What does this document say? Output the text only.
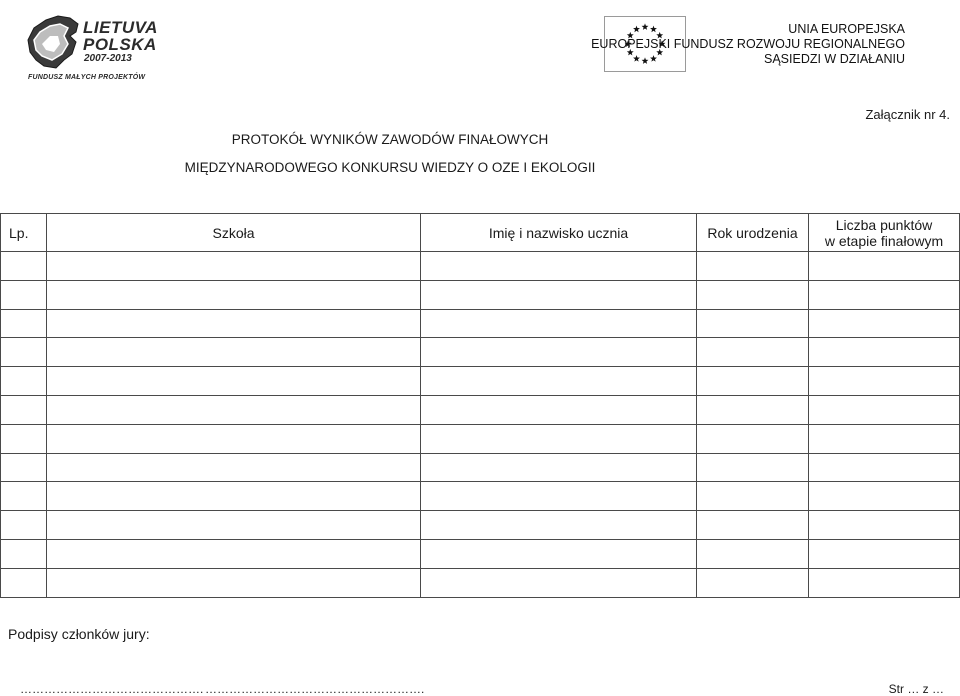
LIETUVA
POLSKA
2007-2013
FUNDUSZ MAŁYCH PROJEKTÓW
UNIA EUROPEJSKA
EUROPEJSKI FUNDUSZ ROZWOJU REGIONALNEGO
SĄSIEDZI W DZIAŁANIU
Załącznik nr 4.
PROTOKÓŁ WYNIKÓW ZAWODÓW FINAŁOWYCH
MIĘDZYNARODOWEGO KONKURSU WIEDZY O OZE I EKOLOGII
Lp.	Szkoła	Imię i nazwisko ucznia	Rok urodzenia	Liczba punktów
w etapie finałowym

Podpisy członków jury:
………………………………………. ……………………………………………….	Str … z …
